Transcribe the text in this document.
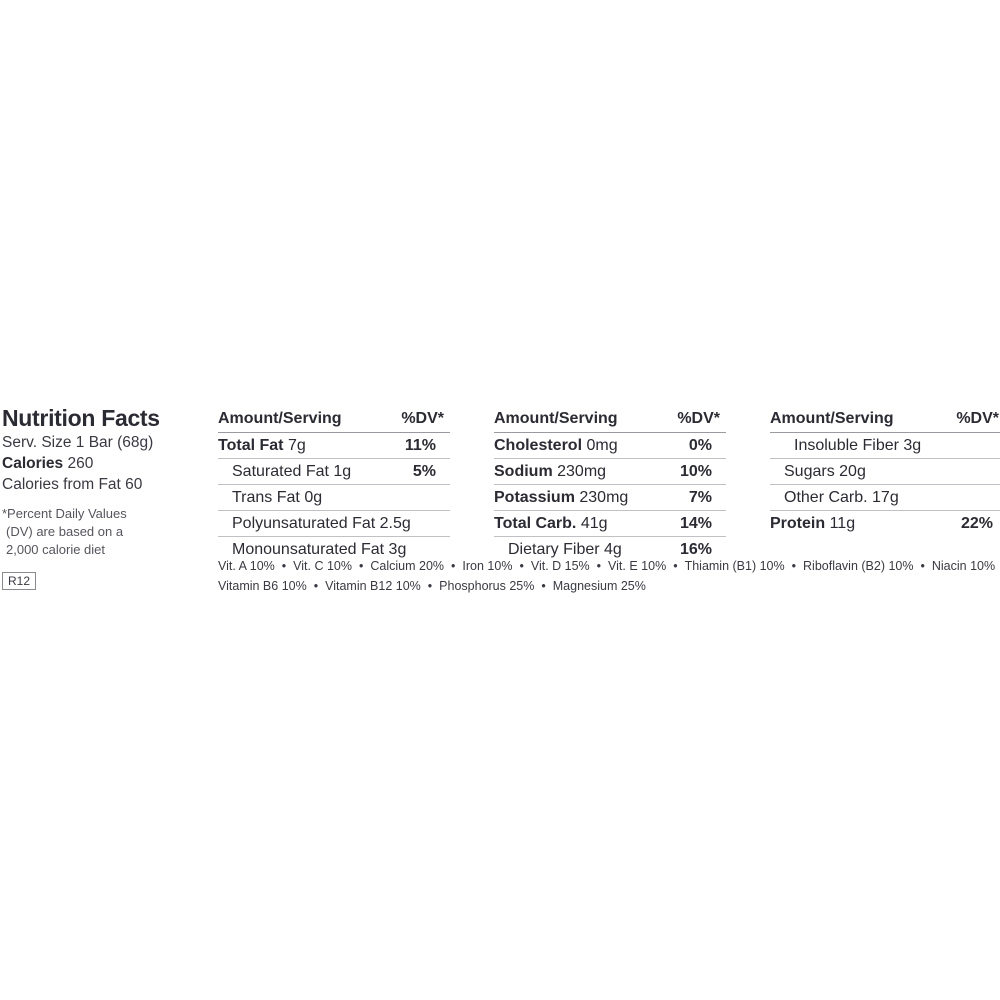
Nutrition Facts
Serv. Size 1 Bar (68g)
Calories 260
Calories from Fat 60
*Percent Daily Values
(DV) are based on a
2,000 calorie diet
R12
Amount/Serving	%DV*
Total Fat 7g	11%
Saturated Fat 1g	5%
Trans Fat 0g
Polyunsaturated Fat 2.5g
Monounsaturated Fat 3g
Amount/Serving	%DV*
Cholesterol 0mg	0%
Sodium 230mg	10%
Potassium 230mg	7%
Total Carb. 41g	14%
Dietary Fiber 4g	16%
Amount/Serving	%DV*
Insoluble Fiber 3g
Sugars 20g
Other Carb. 17g
Protein 11g	22%
Vit. A 10% • Vit. C 10% • Calcium 20% • Iron 10% • Vit. D 15% • Vit. E 10% • Thiamin (B1) 10% • Riboflavin (B2) 10% • Niacin 10%
Vitamin B6 10% • Vitamin B12 10% • Phosphorus 25% • Magnesium 25%
